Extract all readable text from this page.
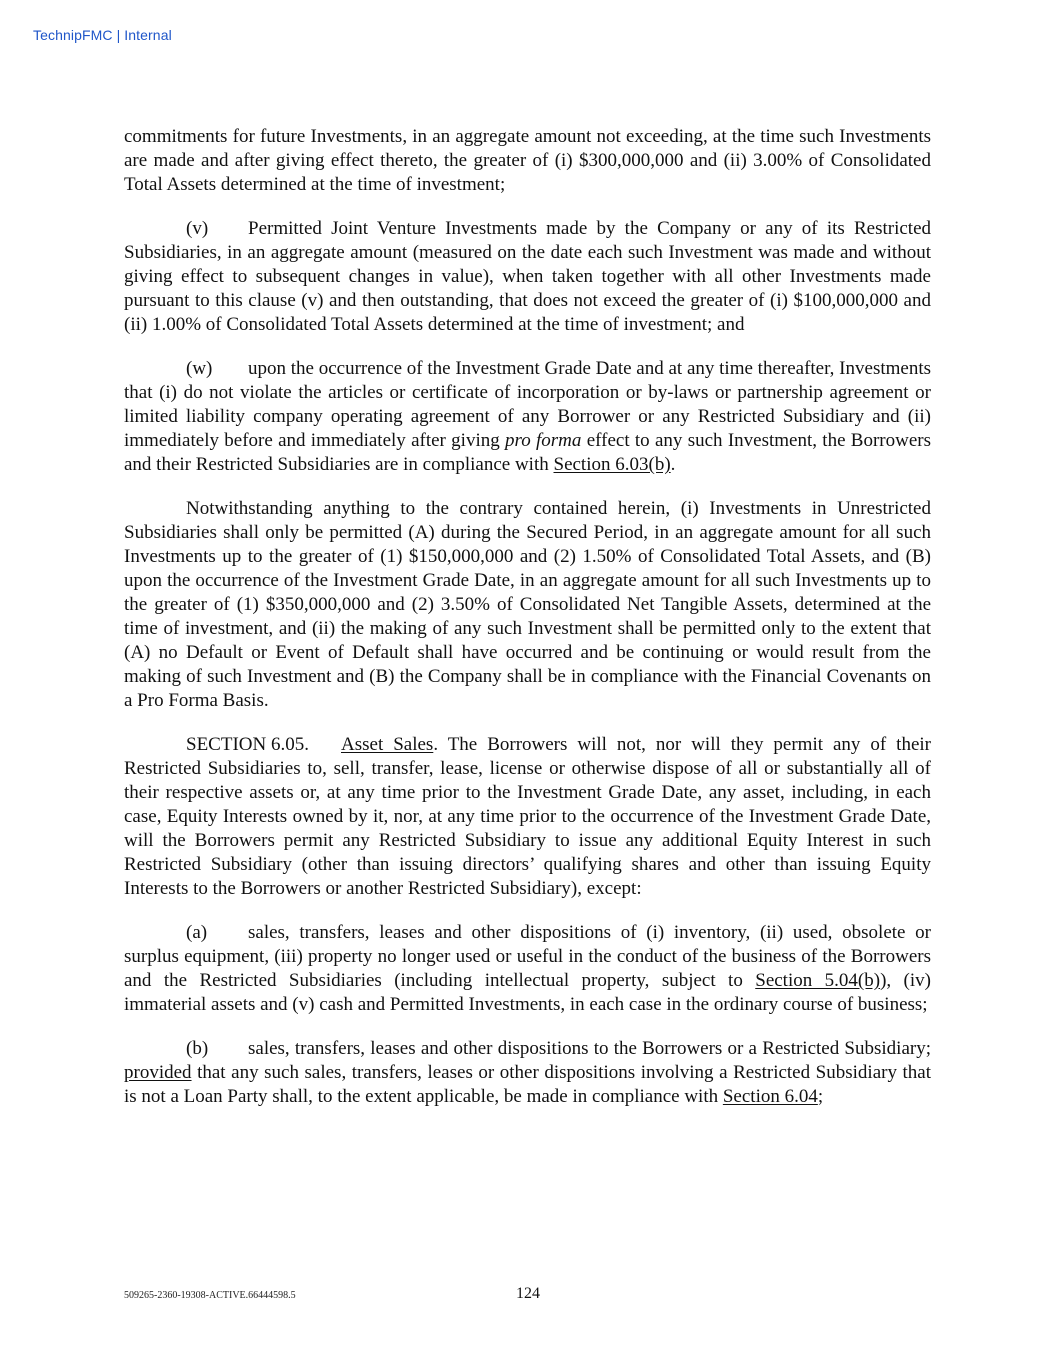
TechnipFMC | Internal

commitments for future Investments, in an aggregate amount not exceeding, at the time such Investments are made and after giving effect thereto, the greater of (i) $300,000,000 and (ii) 3.00% of Consolidated Total Assets determined at the time of investment;

(v) Permitted Joint Venture Investments made by the Company or any of its Restricted Subsidiaries, in an aggregate amount (measured on the date each such Investment was made and without giving effect to subsequent changes in value), when taken together with all other Investments made pursuant to this clause (v) and then outstanding, that does not exceed the greater of (i) $100,000,000 and (ii) 1.00% of Consolidated Total Assets determined at the time of investment; and

(w) upon the occurrence of the Investment Grade Date and at any time thereafter, Investments that (i) do not violate the articles or certificate of incorporation or by-laws or partnership agreement or limited liability company operating agreement of any Borrower or any Restricted Subsidiary and (ii) immediately before and immediately after giving pro forma effect to any such Investment, the Borrowers and their Restricted Subsidiaries are in compliance with Section 6.03(b).

Notwithstanding anything to the contrary contained herein, (i) Investments in Unrestricted Subsidiaries shall only be permitted (A) during the Secured Period, in an aggregate amount for all such Investments up to the greater of (1) $150,000,000 and (2) 1.50% of Consolidated Total Assets, and (B) upon the occurrence of the Investment Grade Date, in an aggregate amount for all such Investments up to the greater of (1) $350,000,000 and (2) 3.50% of Consolidated Net Tangible Assets, determined at the time of investment, and (ii) the making of any such Investment shall be permitted only to the extent that (A) no Default or Event of Default shall have occurred and be continuing or would result from the making of such Investment and (B) the Company shall be in compliance with the Financial Covenants on a Pro Forma Basis.

SECTION 6.05. Asset Sales. The Borrowers will not, nor will they permit any of their Restricted Subsidiaries to, sell, transfer, lease, license or otherwise dispose of all or substantially all of their respective assets or, at any time prior to the Investment Grade Date, any asset, including, in each case, Equity Interests owned by it, nor, at any time prior to the occurrence of the Investment Grade Date, will the Borrowers permit any Restricted Subsidiary to issue any additional Equity Interest in such Restricted Subsidiary (other than issuing directors’ qualifying shares and other than issuing Equity Interests to the Borrowers or another Restricted Subsidiary), except:

(a) sales, transfers, leases and other dispositions of (i) inventory, (ii) used, obsolete or surplus equipment, (iii) property no longer used or useful in the conduct of the business of the Borrowers and the Restricted Subsidiaries (including intellectual property, subject to Section 5.04(b)), (iv) immaterial assets and (v) cash and Permitted Investments, in each case in the ordinary course of business;

(b) sales, transfers, leases and other dispositions to the Borrowers or a Restricted Subsidiary; provided that any such sales, transfers, leases or other dispositions involving a Restricted Subsidiary that is not a Loan Party shall, to the extent applicable, be made in compliance with Section 6.04;

509265-2360-19308-ACTIVE.66444598.5	124
